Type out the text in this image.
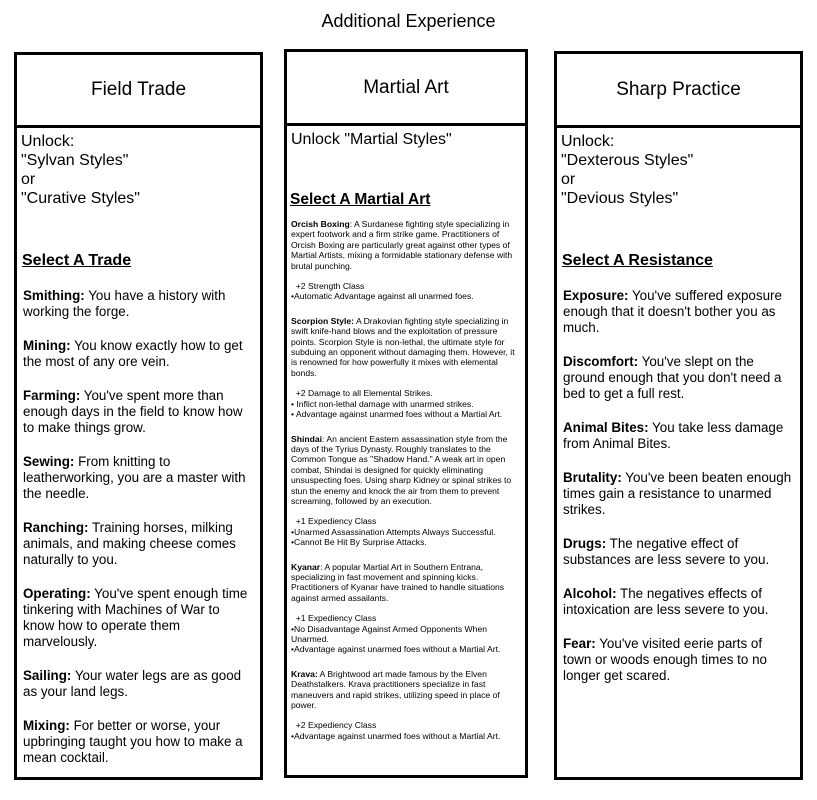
Additional Experience
Field Trade
Unlock:
"Sylvan Styles"
or
"Curative Styles"
Select A Trade
Smithing: You have a history with working the forge.
Mining: You know exactly how to get the most of any ore vein.
Farming: You've spent more than enough days in the field to know how to make things grow.
Sewing: From knitting to leatherworking, you are a master with the needle.
Ranching: Training horses, milking animals, and making cheese comes naturally to you.
Operating: You've spent enough time tinkering with Machines of War to know how to operate them marvelously.
Sailing: Your water legs are as good as your land legs.
Mixing: For better or worse, your upbringing taught you how to make a mean cocktail.
Martial Art
Unlock "Martial Styles"
Select A Martial Art
Orcish Boxing: A Surdanese fighting style specializing in expert footwork and a firm strike game. Practitioners of Orcish Boxing are particularly great against other types of Martial Artists, mixing a formidable stationary defense with brutal punching.
+2 Strength Class
•Automatic Advantage against all unarmed foes.
Scorpion Style: A Drakovian fighting style specializing in swift knife-hand blows and the exploitation of pressure points. Scorpion Style is non-lethal, the ultimate style for subduing an opponent without damaging them. However, it is renowned for how powerfully it mixes with elemental bonds.
+2 Damage to all Elemental Strikes.
• Inflict non-lethal damage with unarmed strikes.
• Advantage against unarmed foes without a Martial Art.
Shindai: An ancient Eastern assassination style from the days of the Tyrius Dynasty. Roughly translates to the Common Tongue as "Shadow Hand." A weak art in open combat, Shindai is designed for quickly eliminating unsuspecting foes. Using sharp Kidney or spinal strikes to stun the enemy and knock the air from them to prevent screaming, followed by an execution.
+1 Expediency Class
•Unarmed Assassination Attempts Always Successful.
•Cannot Be Hit By Surprise Attacks.
Kyanar: A popular Martial Art in Southern Entrana, specializing in fast movement and spinning kicks. Practitioners of Kyanar have trained to handle situations against armed assailants.
+1 Expediency Class
•No Disadvantage Against Armed Opponents When
Unarmed.
•Advantage against unarmed foes without a Martial Art.
Krava: A Brightwood art made famous by the Elven Deathstalkers. Krava practitioners specialize in fast maneuvers and rapid strikes, utilizing speed in place of power.
+2 Expediency Class
•Advantage against unarmed foes without a Martial Art.
Sharp Practice
Unlock:
"Dexterous Styles"
or
"Devious Styles"
Select A Resistance
Exposure: You've suffered exposure enough that it doesn't bother you as much.
Discomfort: You've slept on the ground enough that you don't need a bed to get a full rest.
Animal Bites: You take less damage from Animal Bites.
Brutality: You've been beaten enough times gain a resistance to unarmed strikes.
Drugs: The negative effect of substances are less severe to you.
Alcohol: The negatives effects of intoxication are less severe to you.
Fear: You've visited eerie parts of town or woods enough times to no longer get scared.
